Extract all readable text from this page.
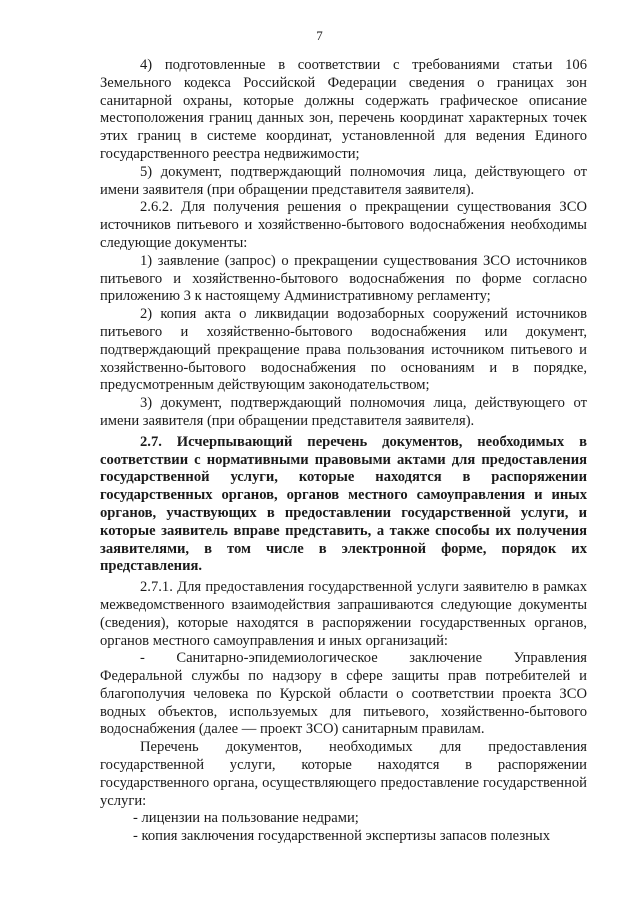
7

4) подготовленные в соответствии с требованиями статьи 106 Земельного кодекса Российской Федерации сведения о границах зон санитарной охраны, которые должны содержать графическое описание местоположения границ данных зон, перечень координат характерных точек этих границ в системе координат, установленной для ведения Единого государственного реестра недвижимости;

5) документ, подтверждающий полномочия лица, действующего от имени заявителя (при обращении представителя заявителя).

2.6.2. Для получения решения о прекращении существования ЗСО источников питьевого и хозяйственно-бытового водоснабжения необходимы следующие документы:

1) заявление (запрос) о прекращении существования ЗСО источников питьевого и хозяйственно-бытового водоснабжения по форме согласно приложению 3 к настоящему Административному регламенту;

2) копия акта о ликвидации водозаборных сооружений источников питьевого и хозяйственно-бытового водоснабжения или документ, подтверждающий прекращение права пользования источником питьевого и хозяйственно-бытового водоснабжения по основаниям и в порядке, предусмотренным действующим законодательством;

3) документ, подтверждающий полномочия лица, действующего от имени заявителя (при обращении представителя заявителя).

2.7. Исчерпывающий перечень документов, необходимых в соответствии с нормативными правовыми актами для предоставления государственной услуги, которые находятся в распоряжении государственных органов, органов местного самоуправления и иных органов, участвующих в предоставлении государственной услуги, и которые заявитель вправе представить, а также способы их получения заявителями, в том числе в электронной форме, порядок их представления.

2.7.1. Для предоставления государственной услуги заявителю в рамках межведомственного взаимодействия запрашиваются следующие документы (сведения), которые находятся в распоряжении государственных органов, органов местного самоуправления и иных организаций:

- Санитарно-эпидемиологическое заключение Управления Федеральной службы по надзору в сфере защиты прав потребителей и благополучия человека по Курской области о соответствии проекта ЗСО водных объектов, используемых для питьевого, хозяйственно-бытового водоснабжения (далее — проект ЗСО) санитарным правилам.

Перечень документов, необходимых для предоставления государственной услуги, которые находятся в распоряжении государственного органа, осуществляющего предоставление государственной услуги:

- лицензии на пользование недрами;

- копия заключения государственной экспертизы запасов полезных
